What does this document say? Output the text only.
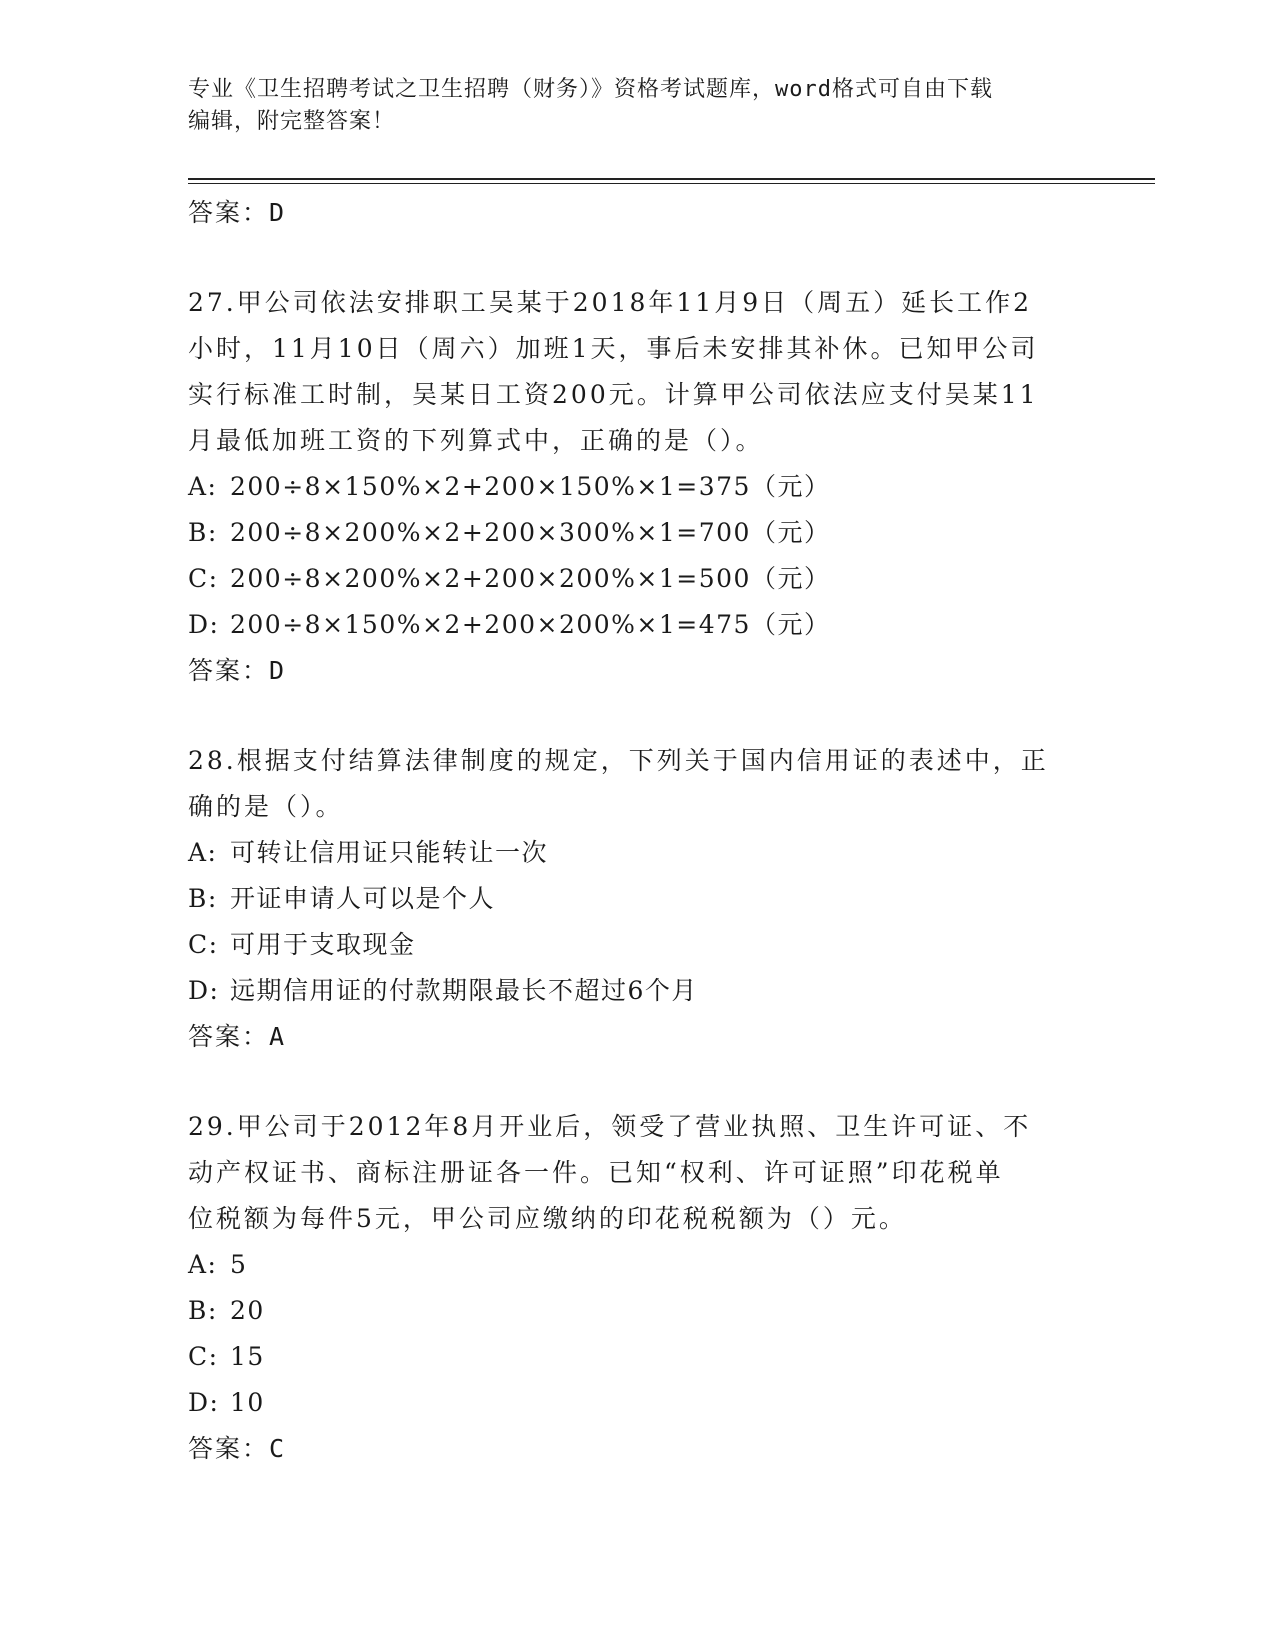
专业《卫生招聘考试之卫生招聘（财务）》资格考试题库，word格式可自由下载
编辑，附完整答案！
答案：D
27.甲公司依法安排职工吴某于2018年11月9日（周五）延长工作2
小时，11月10日（周六）加班1天，事后未安排其补休。已知甲公司
实行标准工时制，吴某日工资200元。计算甲公司依法应支付吴某11
月最低加班工资的下列算式中，正确的是（）。
A: 200÷8×150%×2+200×150%×1=375（元）
B: 200÷8×200%×2+200×300%×1=700（元）
C: 200÷8×200%×2+200×200%×1=500（元）
D: 200÷8×150%×2+200×200%×1=475（元）
答案：D
28.根据支付结算法律制度的规定，下列关于国内信用证的表述中，正
确的是（）。
A: 可转让信用证只能转让一次
B: 开证申请人可以是个人
C: 可用于支取现金
D: 远期信用证的付款期限最长不超过6个月
答案：A
29.甲公司于2012年8月开业后，领受了营业执照、卫生许可证、不
动产权证书、商标注册证各一件。已知“权利、许可证照”印花税单
位税额为每件5元，甲公司应缴纳的印花税税额为（）元。
A: 5
B: 20
C: 15
D: 10
答案：C
